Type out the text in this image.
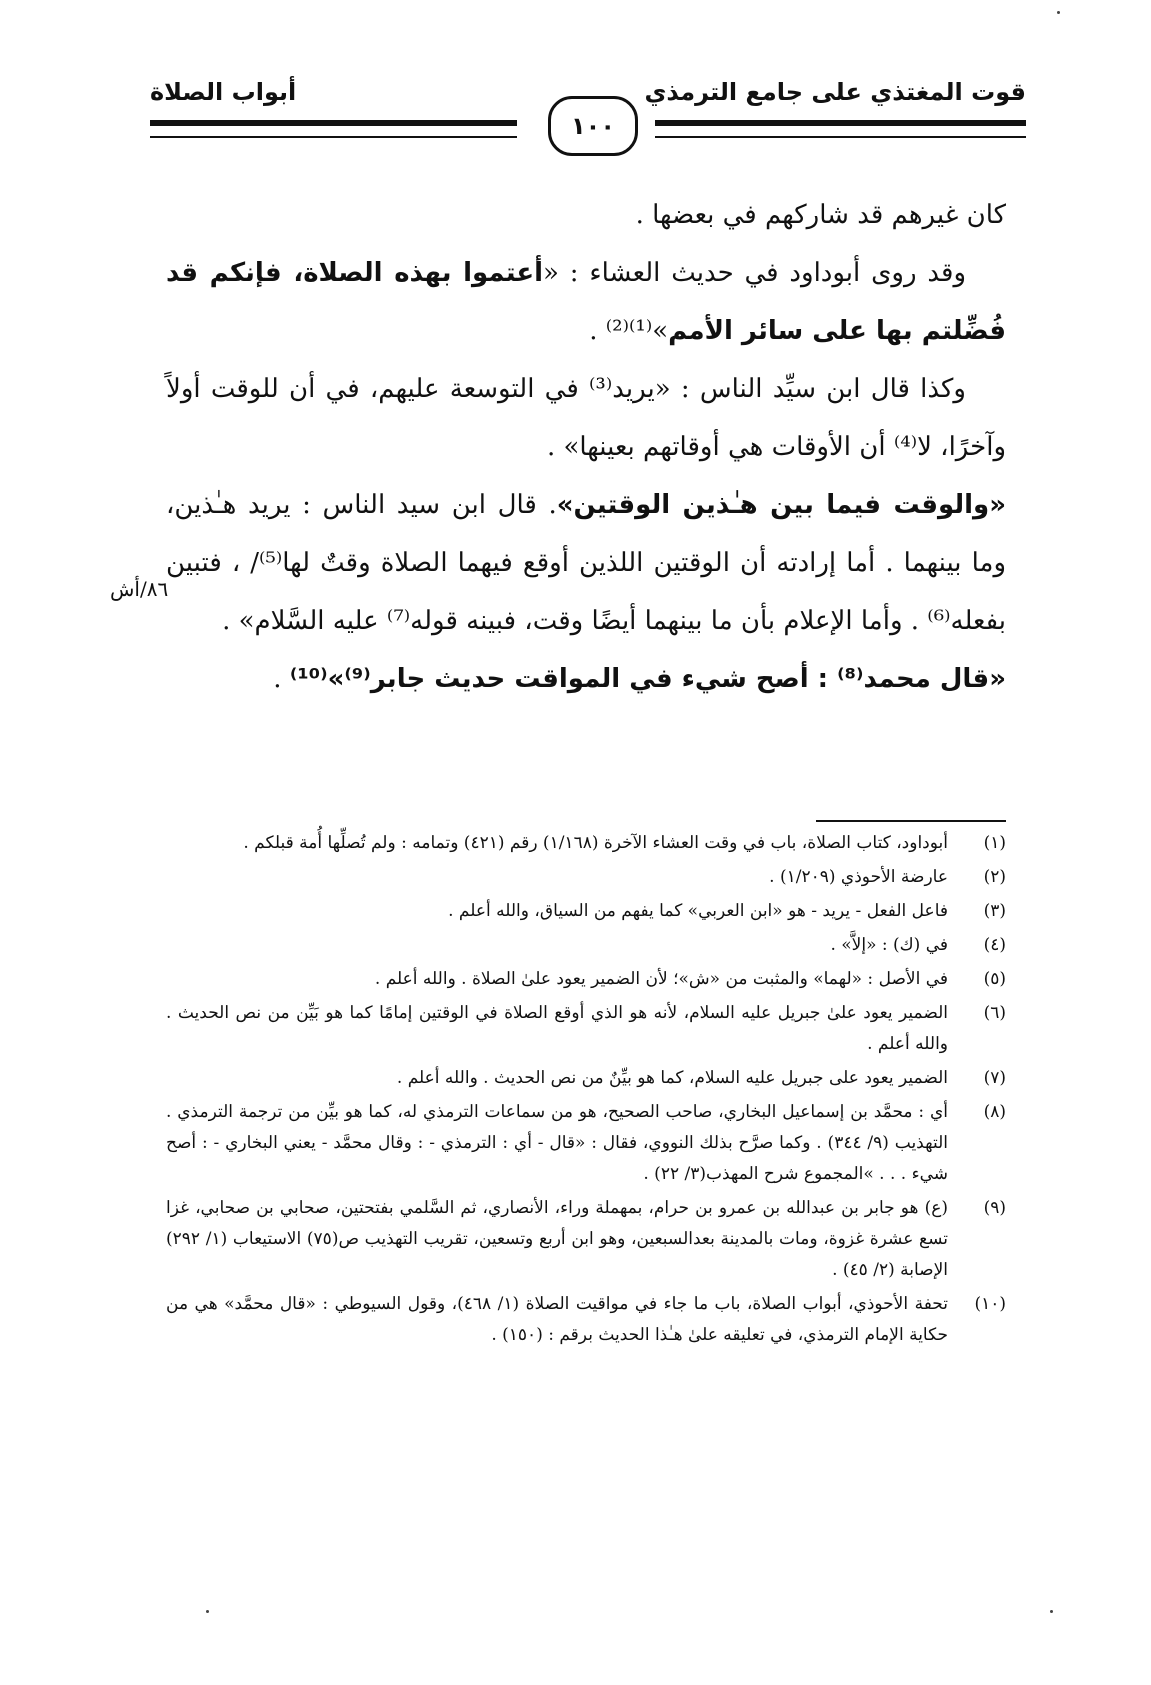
قوت المغتذي على جامع الترمذي
أبواب الصلاة
١٠٠

كان غيرهم قد شاركهم في بعضها .

وقد روى أبوداود في حديث العشاء : «أعتموا بهذه الصلاة، فإنكم قد فُضِّلتم بها على سائر الأمم»⁽¹⁾⁽²⁾ .

وكذا قال ابن سيِّد الناس : «يريد⁽³⁾ في التوسعة عليهم، في أن للوقت أولاً وآخرًا، لا⁽⁴⁾ أن الأوقات هي أوقاتهم بعينها» .

«والوقت فيما بين هـٰذين الوقتين». قال ابن سيد الناس : يريد هـٰذين، وما بينهما . أما إرادته أن الوقتين اللذين أوقع فيهما الصلاة وقتٌ لها⁽⁵⁾/ ، فتبين بفعله⁽⁶⁾ . وأما الإعلام بأن ما بينهما أيضًا وقت، فبينه قوله⁽⁷⁾ عليه السَّلام» .

«قال محمد⁽⁸⁾ : أصح شيء في المواقت حديث جابر⁽⁹⁾»⁽¹⁰⁾ .

٨٦/أش
(١)
أبوداود، كتاب الصلاة، باب في وقت العشاء الآخرة (١/١٦٨) رقم (٤٢١) وتمامه : ولم تُصلِّها أُمة قبلكم .
(٢)
عارضة الأحوذي (١/٢٠٩) .
(٣)
فاعل الفعل - يريد - هو «ابن العربي» كما يفهم من السياق، والله أعلم .
(٤)
في (ك) : «إلاَّ» .
(٥)
في الأصل : «لهما» والمثبت من «ش»؛ لأن الضمير يعود علىٰ الصلاة . والله أعلم .
(٦)
الضمير يعود علىٰ جبريل عليه السلام، لأنه هو الذي أوقع الصلاة في الوقتين إمامًا كما هو بَيِّن من نص الحديث . والله أعلم .
(٧)
الضمير يعود على جبريل عليه السلام، كما هو بيِّنٌ من نص الحديث . والله أعلم .
(٨)
أي : محمَّد بن إسماعيل البخاري، صاحب الصحيح، هو من سماعات الترمذي له، كما هو بيِّن من ترجمة الترمذي . التهذيب (٩/ ٣٤٤) . وكما صرَّح بذلك النووي، فقال : «قال - أي : الترمذي - : وقال محمَّد - يعني البخاري - : أصح شيء . . . »المجموع شرح المهذب(٣/ ٢٢) .
(٩)
(ع) هو جابر بن عبدالله بن عمرو بن حرام، بمهملة وراء، الأنصاري، ثم السَّلمي بفتحتين، صحابي بن صحابي، غزا تسع عشرة غزوة، ومات بالمدينة بعدالسبعين، وهو ابن أربع وتسعين، تقريب التهذيب ص(٧٥) الاستيعاب (١/ ٢٩٢) الإصابة (٢/ ٤٥) .
(١٠)
تحفة الأحوذي، أبواب الصلاة، باب ما جاء في مواقيت الصلاة (١/ ٤٦٨)، وقول السيوطي : «قال محمَّد» هي من حكاية الإمام الترمذي، في تعليقه علىٰ هـٰذا الحديث برقم : (١٥٠) .
